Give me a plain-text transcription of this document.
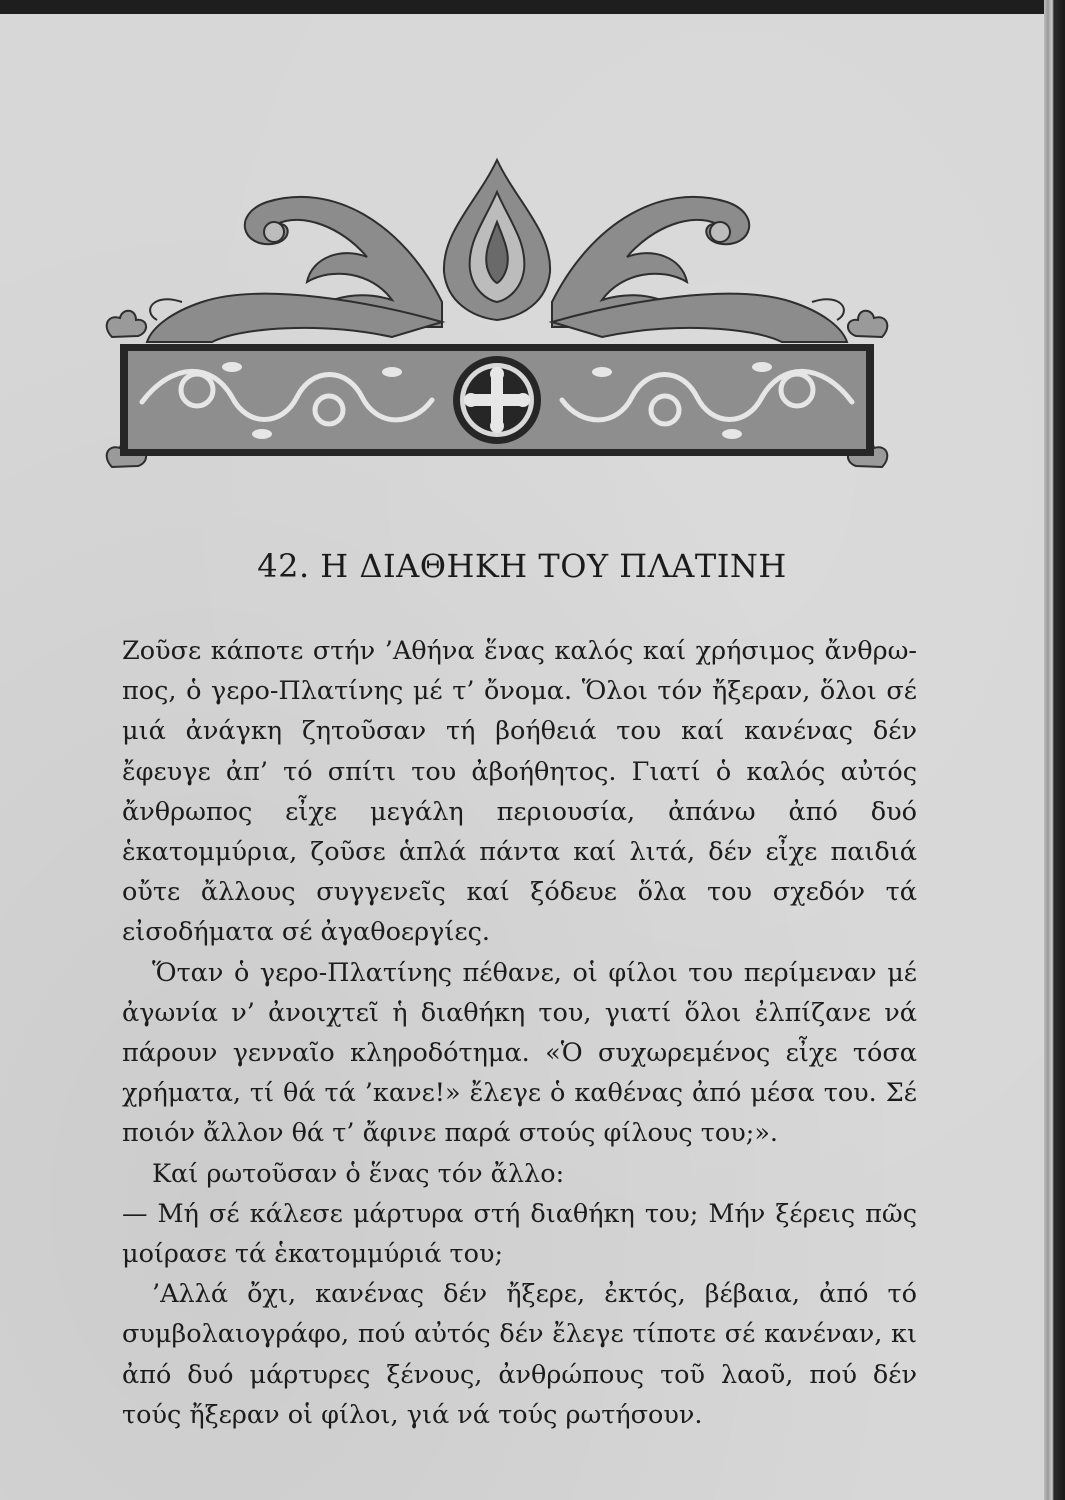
42. Η ΔΙΑΘΗΚΗ ΤΟΥ ΠΛΑΤΙΝΗ

Ζοῦσε κάποτε στήν ’Αθήνα ἕνας καλός καί χρήσιμος ἄνθρωπος, ὁ γερο-Πλατίνης μέ τ’ ὄνομα. Ὅλοι τόν ἤξεραν, ὅλοι σέ μιά ἀνάγκη ζητοῦσαν τή βοήθειά του καί κανένας δέν ἔφευγε ἀπ’ τό σπίτι του ἀβοήθητος. Γιατί ὁ καλός αὐτός ἄνθρωπος εἶχε μεγάλη περιουσία, ἀπάνω ἀπό δυό ἑκατομμύρια, ζοῦσε ἁπλά πάντα καί λιτά, δέν εἶχε παιδιά οὔτε ἄλλους συγγενεῖς καί ξόδευε ὅλα του σχεδόν τά εἰσοδήματα σέ ἀγαθοεργίες.

Ὅταν ὁ γερο-Πλατίνης πέθανε, οἱ φίλοι του περίμεναν μέ ἀγωνία ν’ ἀνοιχτεῖ ἡ διαθήκη του, γιατί ὅλοι ἐλπίζανε νά πάρουν γενναῖο κληροδότημα. «Ὁ συχωρεμένος εἶχε τόσα χρήματα, τί θά τά ’κανε!» ἔλεγε ὁ καθένας ἀπό μέσα του. Σέ ποιόν ἄλλον θά τ’ ἄφινε παρά στούς φίλους του;».

Καί ρωτοῦσαν ὁ ἕνας τόν ἄλλο:

— Μή σέ κάλεσε μάρτυρα στή διαθήκη του; Μήν ξέρεις πῶς μοίρασε τά ἑκατομμύριά του;

’Αλλά ὄχι, κανένας δέν ἤξερε, ἐκτός, βέβαια, ἀπό τό συμβολαιογράφο, πού αὐτός δέν ἔλεγε τίποτε σέ κανέναν, κι ἀπό δυό μάρτυρες ξένους, ἀνθρώπους τοῦ λαοῦ, πού δέν τούς ἤξεραν οἱ φίλοι, γιά νά τούς ρωτήσουν.
